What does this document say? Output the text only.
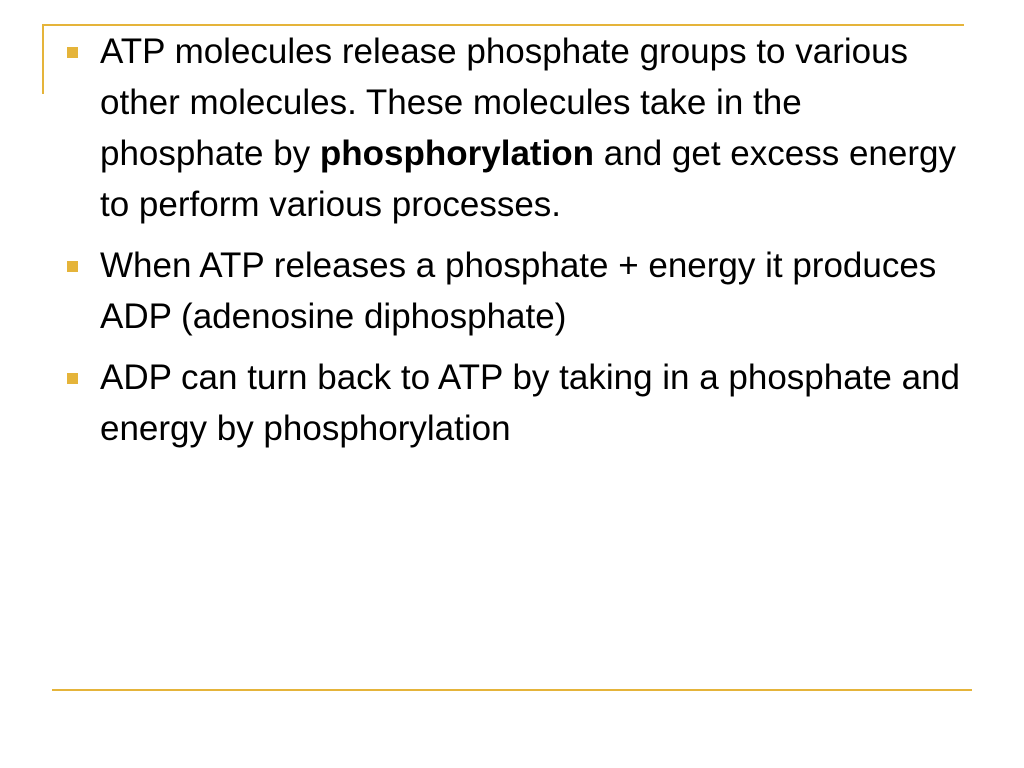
ATP molecules release phosphate groups to various other molecules. These molecules take in the phosphate by phosphorylation and get excess energy to perform various processes.
When ATP releases a phosphate + energy it produces ADP (adenosine diphosphate)
ADP can turn back to ATP by taking in a phosphate and energy by phosphorylation
